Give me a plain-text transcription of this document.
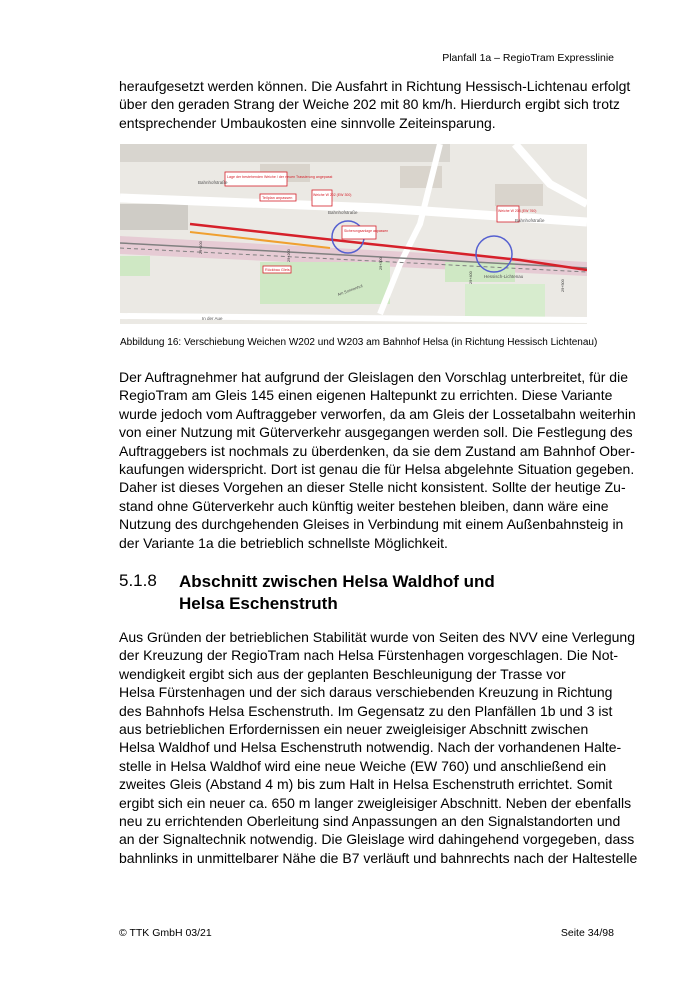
Planfall 1a – RegioTram Expresslinie

heraufgesetzt werden können. Die Ausfahrt in Richtung Hessisch-Lichtenau erfolgt
über den geraden Strang der Weiche 202 mit 80 km/h. Hierdurch ergibt sich trotz
entsprechender Umbaukosten eine sinnvolle Zeiteinsparung.

Lage der bestehenden Weiche / der neuen Trassierung angepasst
Teilplan anpassen
Weiche W 202 (EW 300)
Sicherungsanlage anpassen
Weiche W 203 (EW 760)
Rückbau Gleis
Bahnhofstraße
Bahnhofstraße
Bahnhofstraße
In der Aue
Am Sonnenhof
Hessisch-Lichtenau
29+100
29+200
29+300
29+400
29+500
Abbildung 16: Verschiebung Weichen W202 und W203 am Bahnhof Helsa (in Richtung Hessisch Lichtenau)

Der Auftragnehmer hat aufgrund der Gleislagen den Vorschlag unterbreitet, für die
RegioTram am Gleis 145 einen eigenen Haltepunkt zu errichten. Diese Variante
wurde jedoch vom Auftraggeber verworfen, da am Gleis der Lossetalbahn weiterhin
von einer Nutzung mit Güterverkehr ausgegangen werden soll. Die Festlegung des
Auftraggebers ist nochmals zu überdenken, da sie dem Zustand am Bahnhof Ober-
kaufungen widerspricht. Dort ist genau die für Helsa abgelehnte Situation gegeben.
Daher ist dieses Vorgehen an dieser Stelle nicht konsistent. Sollte der heutige Zu-
stand ohne Güterverkehr auch künftig weiter bestehen bleiben, dann wäre eine
Nutzung des durchgehenden Gleises in Verbindung mit einem Außenbahnsteig in
der Variante 1a die betrieblich schnellste Möglichkeit.

5.1.8 Abschnitt zwischen Helsa Waldhof und
Helsa Eschenstruth

Aus Gründen der betrieblichen Stabilität wurde von Seiten des NVV eine Verlegung
der Kreuzung der RegioTram nach Helsa Fürstenhagen vorgeschlagen. Die Not-
wendigkeit ergibt sich aus der geplanten Beschleunigung der Trasse vor
Helsa Fürstenhagen und der sich daraus verschiebenden Kreuzung in Richtung
des Bahnhofs Helsa Eschenstruth. Im Gegensatz zu den Planfällen 1b und 3 ist
aus betrieblichen Erfordernissen ein neuer zweigleisiger Abschnitt zwischen
Helsa Waldhof und Helsa Eschenstruth notwendig. Nach der vorhandenen Halte-
stelle in Helsa Waldhof wird eine neue Weiche (EW 760) und anschließend ein
zweites Gleis (Abstand 4 m) bis zum Halt in Helsa Eschenstruth errichtet. Somit
ergibt sich ein neuer ca. 650 m langer zweigleisiger Abschnitt. Neben der ebenfalls
neu zu errichtenden Oberleitung sind Anpassungen an den Signalstandorten und
an der Signaltechnik notwendig. Die Gleislage wird dahingehend vorgegeben, dass
bahnlinks in unmittelbarer Nähe die B7 verläuft und bahnrechts nach der Haltestelle

© TTK GmbH 03/21	Seite 34/98
